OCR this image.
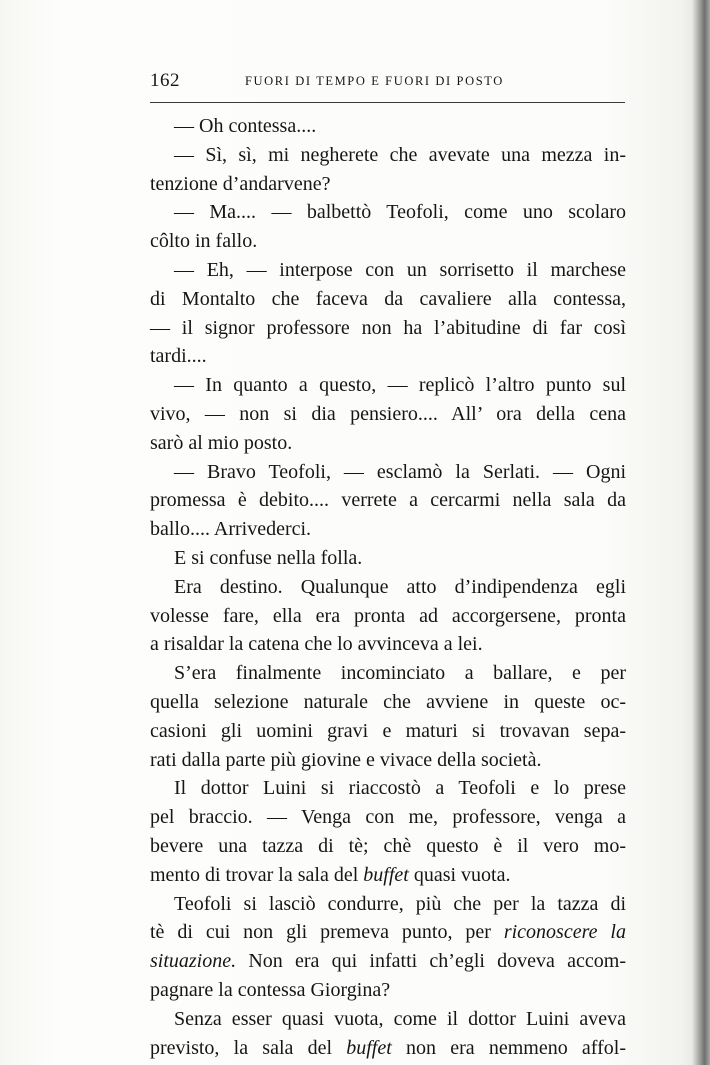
162	FUORI DI TEMPO E FUORI DI POSTO
— Oh contessa....
— Sì, sì, mi negherete che avevate una mezza in-
tenzione d’andarvene?
— Ma.... — balbettò Teofoli, come uno scolaro
côlto in fallo.
— Eh, — interpose con un sorrisetto il marchese
di Montalto che faceva da cavaliere alla contessa,
— il signor professore non ha l’abitudine di far così
tardi....
— In quanto a questo, — replicò l’altro punto sul
vivo, — non si dia pensiero.... All’ ora della cena
sarò al mio posto.
— Bravo Teofoli, — esclamò la Serlati. — Ogni
promessa è debito.... verrete a cercarmi nella sala da
ballo.... Arrivederci.
E si confuse nella folla.
Era destino. Qualunque atto d’indipendenza egli
volesse fare, ella era pronta ad accorgersene, pronta
a risaldar la catena che lo avvinceva a lei.
S’era finalmente incominciato a ballare, e per
quella selezione naturale che avviene in queste oc-
casioni gli uomini gravi e maturi si trovavan sepa-
rati dalla parte più giovine e vivace della società.
Il dottor Luini si riaccostò a Teofoli e lo prese
pel braccio. — Venga con me, professore, venga a
bevere una tazza di tè; chè questo è il vero mo-
mento di trovar la sala del buffet quasi vuota.
Teofoli si lasciò condurre, più che per la tazza di
tè di cui non gli premeva punto, per riconoscere la
situazione. Non era qui infatti ch’egli doveva accom-
pagnare la contessa Giorgina?
Senza esser quasi vuota, come il dottor Luini aveva
previsto, la sala del buffet non era nemmeno affol-
